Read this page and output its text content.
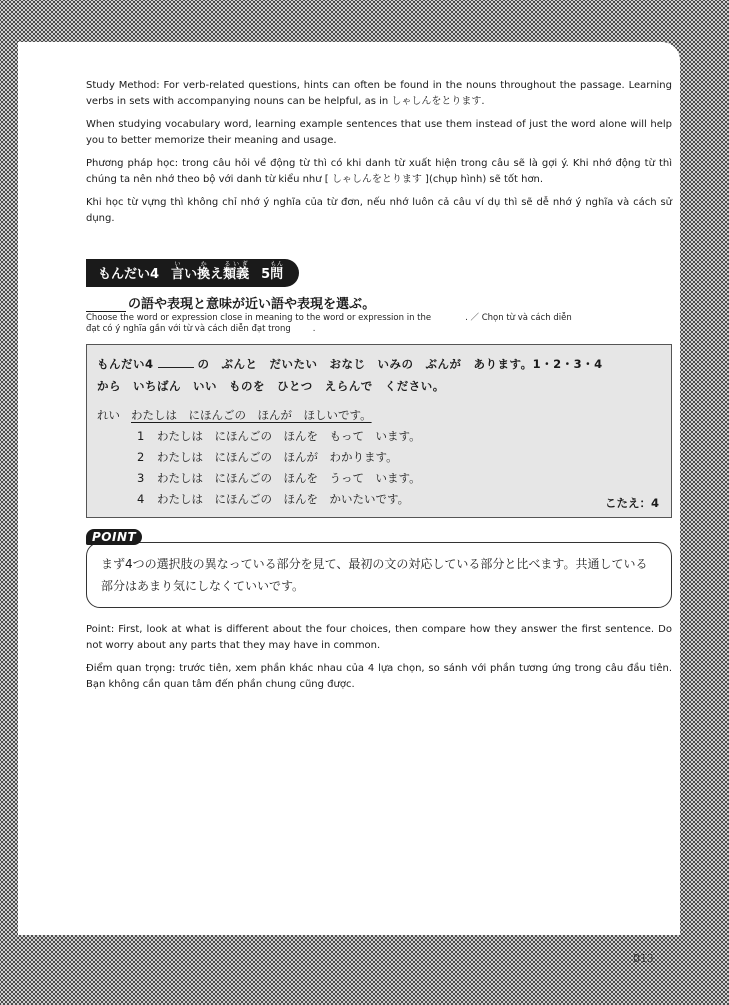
Study Method: For verb-related questions, hints can often be found in the nouns throughout the passage. Learning verbs in sets with accompanying nouns can be helpful, as in しゃしんをとります.

When studying vocabulary word, learning example sentences that use them instead of just the word alone will help you to better memorize their meaning and usage.

Phương pháp học: trong câu hỏi về động từ thì có khi danh từ xuất hiện trong câu sẽ là gợi ý. Khi nhớ động từ thì chúng ta nên nhớ theo bộ với danh từ kiểu như [ しゃしんをとります ](chụp hình) sẽ tốt hơn.

Khi học từ vựng thì không chỉ nhớ ý nghĩa của từ đơn, nếu nhớ luôn cả câu ví dụ thì sẽ dễ nhớ ý nghĩa và cách sử dụng.

もんだい4 言いい換かえ類義るいぎ
5問もん
の語や表現と意味が近い語や表現を選ぶ。
Choose the word or expression close in meaning to the word or expression in the	. ／ Chọn từ và cách diễn
đạt có ý nghĩa gần với từ và cách diễn đạt trong	.
もんだい4	の　ぶんと　だいたい　おなじ　いみの　ぶんが　あります。1・2・3・4
から　いちばん　いい　ものを　ひとつ　えらんで　ください。
れい わたしは　にほんごの　ほんが　ほしいです。
1 わたしは　にほんごの　ほんを　もって　います。
2 わたしは　にほんごの　ほんが　わかります。
3 わたしは　にほんごの　ほんを　うって　います。
4 わたしは　にほんごの　ほんを　かいたいです。	こたえ：4
POINT
まず4つの選択肢の異なっている部分を見て、最初の文の対応している部分と比べます。共通している部分はあまり気にしなくていいです。

Point: First, look at what is different about the four choices, then compare how they answer the first sentence. Do not worry about any parts that they may have in common.

Điểm quan trọng: trước tiên, xem phần khác nhau của 4 lựa chọn, so sánh với phần tương ứng trong câu đầu tiên. Bạn không cần quan tâm đến phần chung cũng được.

013
